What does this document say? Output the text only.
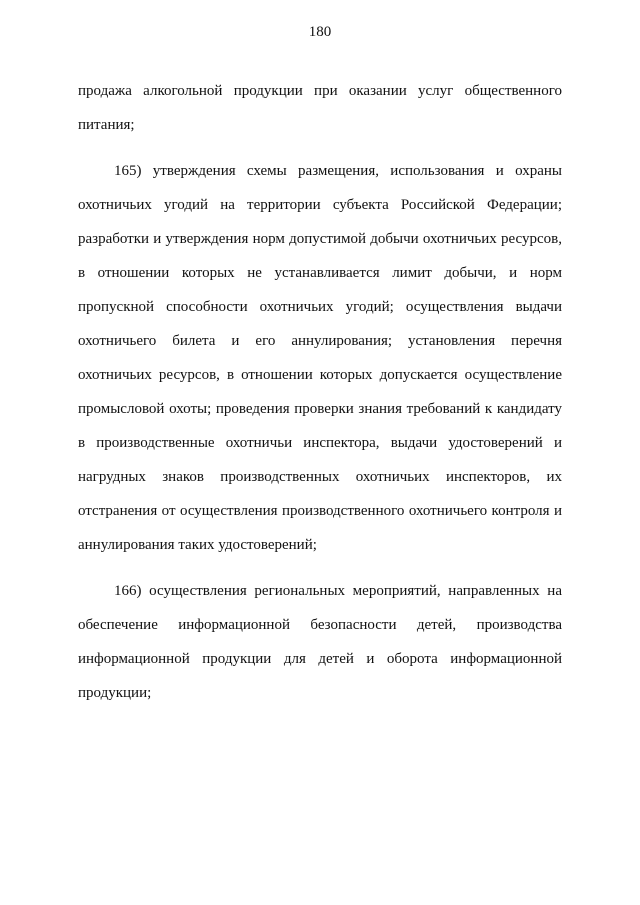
180
продажа алкогольной продукции при оказании услуг общественного
питания;
165) утверждения схемы размещения, использования и охраны
охотничьих угодий на территории субъекта Российской Федерации;
разработки и утверждения норм допустимой добычи охотничьих ресурсов,
в отношении которых не устанавливается лимит добычи, и норм
пропускной способности охотничьих угодий; осуществления выдачи
охотничьего билета и его аннулирования; установления перечня
охотничьих ресурсов, в отношении которых допускается осуществление
промысловой охоты; проведения проверки знания требований к кандидату
в производственные охотничьи инспектора, выдачи удостоверений и
нагрудных знаков производственных охотничьих инспекторов, их
отстранения от осуществления производственного охотничьего контроля и
аннулирования таких удостоверений;
166) осуществления региональных мероприятий, направленных на
обеспечение информационной безопасности детей, производства
информационной продукции для детей и оборота информационной
продукции;
